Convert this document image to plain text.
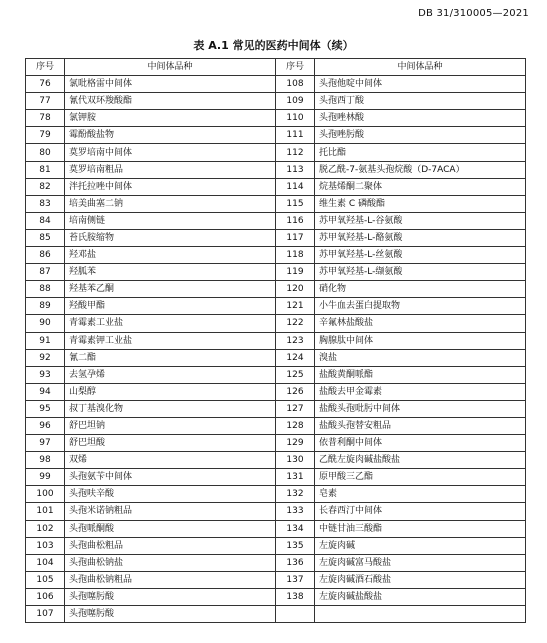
DB 31/310005—2021
表 A.1 常见的医药中间体（续）
序号	中间体品种	序号	中间体品种
76	氯吡格雷中间体	108	头孢他啶中间体
77	氰代双环羧酸酯	109	头孢西丁酸
78	氯钾胺	110	头孢唑林酸
79	霉酚酸盐物	111	头孢唑肟酸
80	莫罗培南中间体	112	托比酯
81	莫罗培南粗品	113	脱乙酰-7-氨基头孢烷酸（D-7ACA）
82	泮托拉唑中间体	114	烷基烯酮二聚体
83	培美曲塞二钠	115	维生素 C 磷酸酯
84	培南侧链	116	苏甲氧羟基-L-谷氨酸
85	苔氏胺缩物	117	苏甲氧羟基-L-酪氨酸
86	羟邓盐	118	苏甲氧羟基-L-丝氨酸
87	羟胍苯	119	苏甲氧羟基-L-缬氨酸
88	羟基苯乙酮	120	硝化物
89	羟酸甲酯	121	小牛血去蛋白提取物
90	青霉素工业盐	122	辛氟林盐酸盐
91	青霉素钾工业盐	123	胸腺肽中间体
92	氰二酯	124	溴盐
93	去氢孕烯	125	盐酸黄酮哌酯
94	山梨醇	126	盐酸去甲金霉素
95	叔丁基溴化物	127	盐酸头孢吡肟中间体
96	舒巴坦钠	128	盐酸头孢替安粗品
97	舒巴坦酸	129	依普利酮中间体
98	双烯	130	乙酰左旋肉碱盐酸盐
99	头孢氨苄中间体	131	原甲酸三乙酯
100	头孢呋辛酸	132	皂素
101	头孢米诺钠粗品	133	长春西汀中间体
102	头孢哌酮酸	134	中链甘油三酸酯
103	头孢曲松粗品	135	左旋肉碱
104	头孢曲松钠盐	136	左旋肉碱富马酸盐
105	头孢曲松钠粗品	137	左旋肉碱酒石酸盐
106	头孢噻肟酸	138	左旋肉碱盐酸盐
107	头孢噻肟酸		
